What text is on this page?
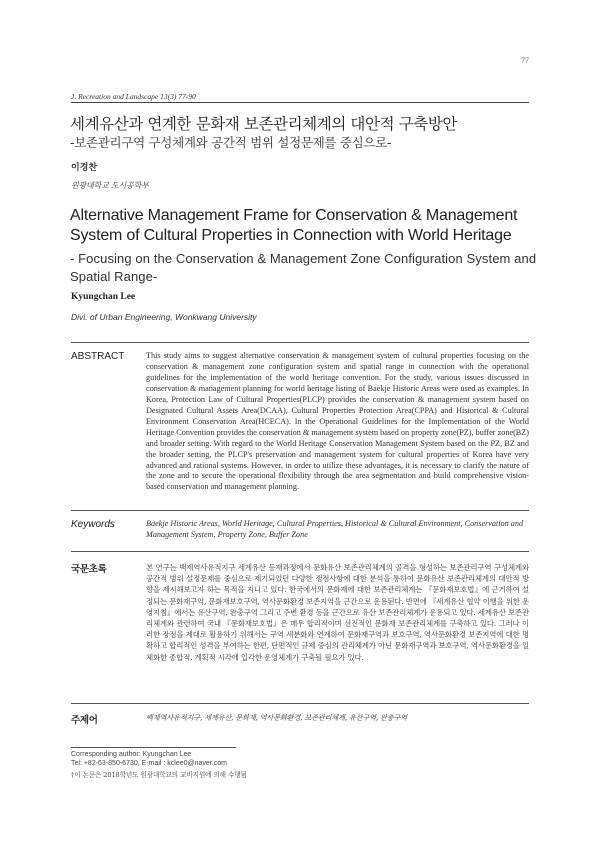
77
J. Recreation and Landscape 13(3) 77-90
세계유산과 연계한 문화재 보존관리체계의 대안적 구축방안
-보존관리구역 구성체계와 공간적 범위 설정문제를 중심으로-
이경찬
원광대학교 도시공학부
Alternative Management Frame for Conservation & Management System of Cultural Properties in Connection with World Heritage
- Focusing on the Conservation & Management Zone Configuration System and Spatial Range-
Kyungchan Lee
Divi. of Urban Engineering, Wonkwang University
ABSTRACT	This study aims to suggest alternative conservation & management system of cultural properties focusing on the conservation & management zone configuration system and spatial range in connection with the operational guidelines for the implementation of the world heritage convention. For the study, various issues discussed in conservation & management planning for world heritage listing of Baekje Historic Areas were used as examples. In Korea, Protection Law of Cultural Properties(PLCP) provides the conservation & management system based on Designated Cultural Assets Area(DCAA), Cultural Properties Protection Area(CPPA) and Historical & Cultural Environment Conservation Area(HCECA). In the Operational Guidelines for the Implementation of the World Heritage Convention provides the conservation & management system based on property zone(PZ), buffer zone(BZ) and broader setting. With regard to the World Heritage Conservation Management System based on the PZ, BZ and the broader setting, the PLCP's preservation and management system for cultural properties of Korea have very advanced and rational systems. However, in order to utilize these advantages, it is necessary to clarify the nature of the zone and to secure the operational flexibility through the area segmentation and build comprehensive vision-based conservation and management planning.
Keywords	Baekje Historic Areas, World Heritage, Cultural Properties, Historical & Cultural Environment, Conservation and Management System, Property Zone, Buffer Zone
국문초록	본 연구는 백제역사유적지구 세계유산 등재과정에서 문화유산 보존관리체계의 골격을 형성하는 보존관리구역 구성체계와 공간적 범위 설정문제를 중심으로 제기되었던 다양한 쟁점사항에 대한 분석을 통하여 문화유산 보존관리체계의 대안적 방향을 제시해보고자 하는 목적을 지니고 있다. 한국에서의 문화재에 대한 보존관리체계는 『문화재보호법』에 근거하여 설정되는 문화재구역, 문화재보호구역, 역사문화환경 보존지역을 근간으로 운용된다. 반면에 『세계유산 협약 이행을 위한 운영지침』에서는 유산구역, 완충구역 그리고 주변 환경 등을 근간으로 유산 보존관리체계가 운용되고 있다. 세계유산 보존관리체계와 관련하여 국내 『문화재보호법』은 매우 합리적이며 선진적인 문화재 보존관리체계를 구축하고 있다. 그러나 이러한 장점을 제대로 활용하기 위해서는 구역 세분화와 연계하여 문화재구역과 보호구역, 역사문화환경 보존지역에 대한 명확하고 합리적인 성격을 부여하는 한편, 단편적인 규제 중심의 관리체계가 아닌 문화재구역과 보호구역, 역사문화환경을 일체화한 종합적, 계획적 시각에 입각한 운영체계가 구축될 필요가 있다.
주제어	백제역사유적지구, 세계유산, 문화재, 역사문화환경, 보존관리체계, 유산구역, 완충구역
Corresponding author: Kyungchan Lee
Tel: +82-63-850-6730, E-mail : kclee0@naver.com
†이 논문은 2018학년도 원광대학교의 교비지원에 의해 수행됨
